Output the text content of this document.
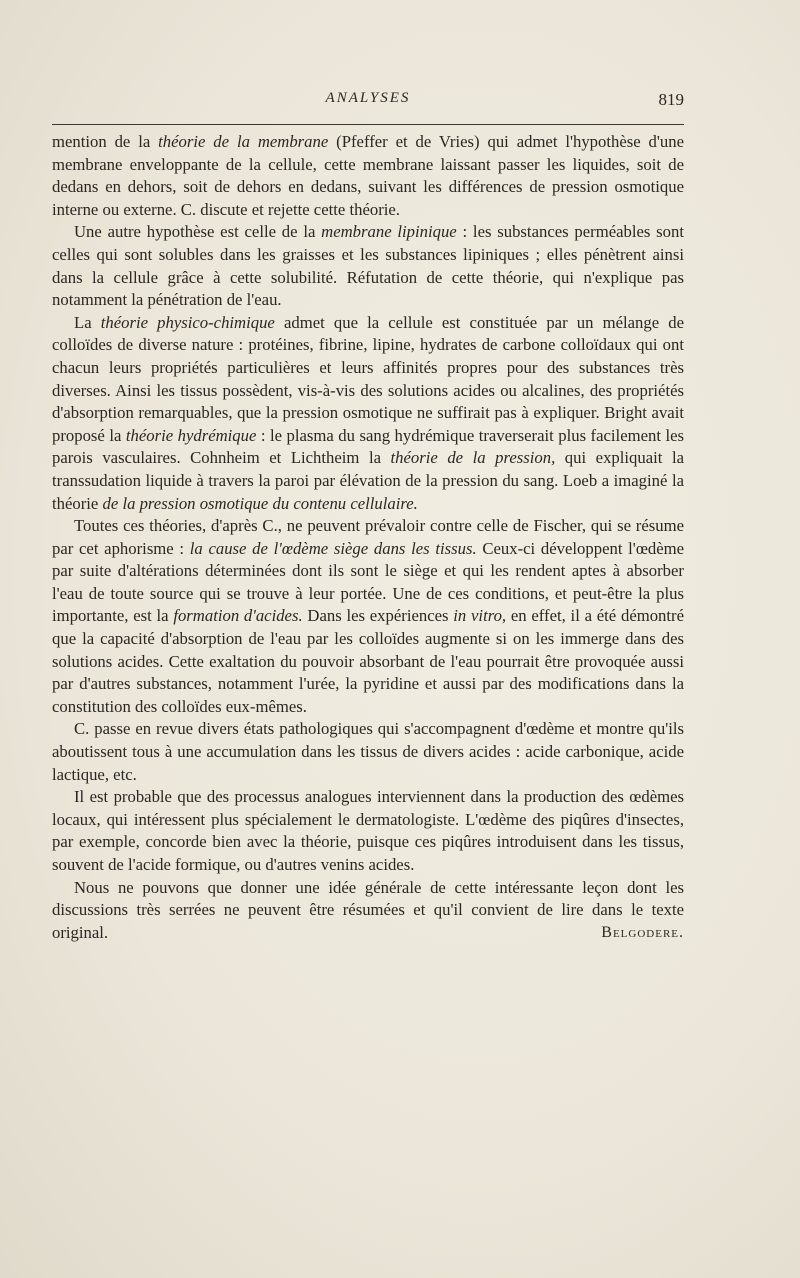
ANALYSES	819

mention de la théorie de la membrane (Pfeffer et de Vries) qui admet l'hypothèse d'une membrane enveloppante de la cellule, cette membrane laissant passer les liquides, soit de dedans en dehors, soit de dehors en dedans, suivant les différences de pression osmotique interne ou externe. C. discute et rejette cette théorie.

Une autre hypothèse est celle de la membrane lipinique : les substances perméables sont celles qui sont solubles dans les graisses et les substances lipiniques ; elles pénètrent ainsi dans la cellule grâce à cette solubilité. Réfutation de cette théorie, qui n'explique pas notamment la pénétration de l'eau.

La théorie physico-chimique admet que la cellule est constituée par un mélange de colloïdes de diverse nature : protéines, fibrine, lipine, hydrates de carbone colloïdaux qui ont chacun leurs propriétés particulières et leurs affinités propres pour des substances très diverses. Ainsi les tissus possèdent, vis-à-vis des solutions acides ou alcalines, des propriétés d'absorption remarquables, que la pression osmotique ne suffirait pas à expliquer. Bright avait proposé la théorie hydrémique : le plasma du sang hydrémique traverserait plus facilement les parois vasculaires. Cohnheim et Lichtheim la théorie de la pression, qui expliquait la transsudation liquide à travers la paroi par élévation de la pression du sang. Loeb a imaginé la théorie de la pression osmotique du contenu cellulaire.

Toutes ces théories, d'après C., ne peuvent prévaloir contre celle de Fischer, qui se résume par cet aphorisme : la cause de l'œdème siège dans les tissus. Ceux-ci développent l'œdème par suite d'altérations déterminées dont ils sont le siège et qui les rendent aptes à absorber l'eau de toute source qui se trouve à leur portée. Une de ces conditions, et peut-être la plus importante, est la formation d'acides. Dans les expériences in vitro, en effet, il a été démontré que la capacité d'absorption de l'eau par les colloïdes augmente si on les immerge dans des solutions acides. Cette exaltation du pouvoir absorbant de l'eau pourrait être provoquée aussi par d'autres substances, notamment l'urée, la pyridine et aussi par des modifications dans la constitution des colloïdes eux-mêmes.

C. passe en revue divers états pathologiques qui s'accompagnent d'œdème et montre qu'ils aboutissent tous à une accumulation dans les tissus de divers acides : acide carbonique, acide lactique, etc.

Il est probable que des processus analogues interviennent dans la production des œdèmes locaux, qui intéressent plus spécialement le dermatologiste. L'œdème des piqûres d'insectes, par exemple, concorde bien avec la théorie, puisque ces piqûres introduisent dans les tissus, souvent de l'acide formique, ou d'autres venins acides.

Nous ne pouvons que donner une idée générale de cette intéressante leçon dont les discussions très serrées ne peuvent être résumées et qu'il convient de lire dans le texte original.	Belgodere.
